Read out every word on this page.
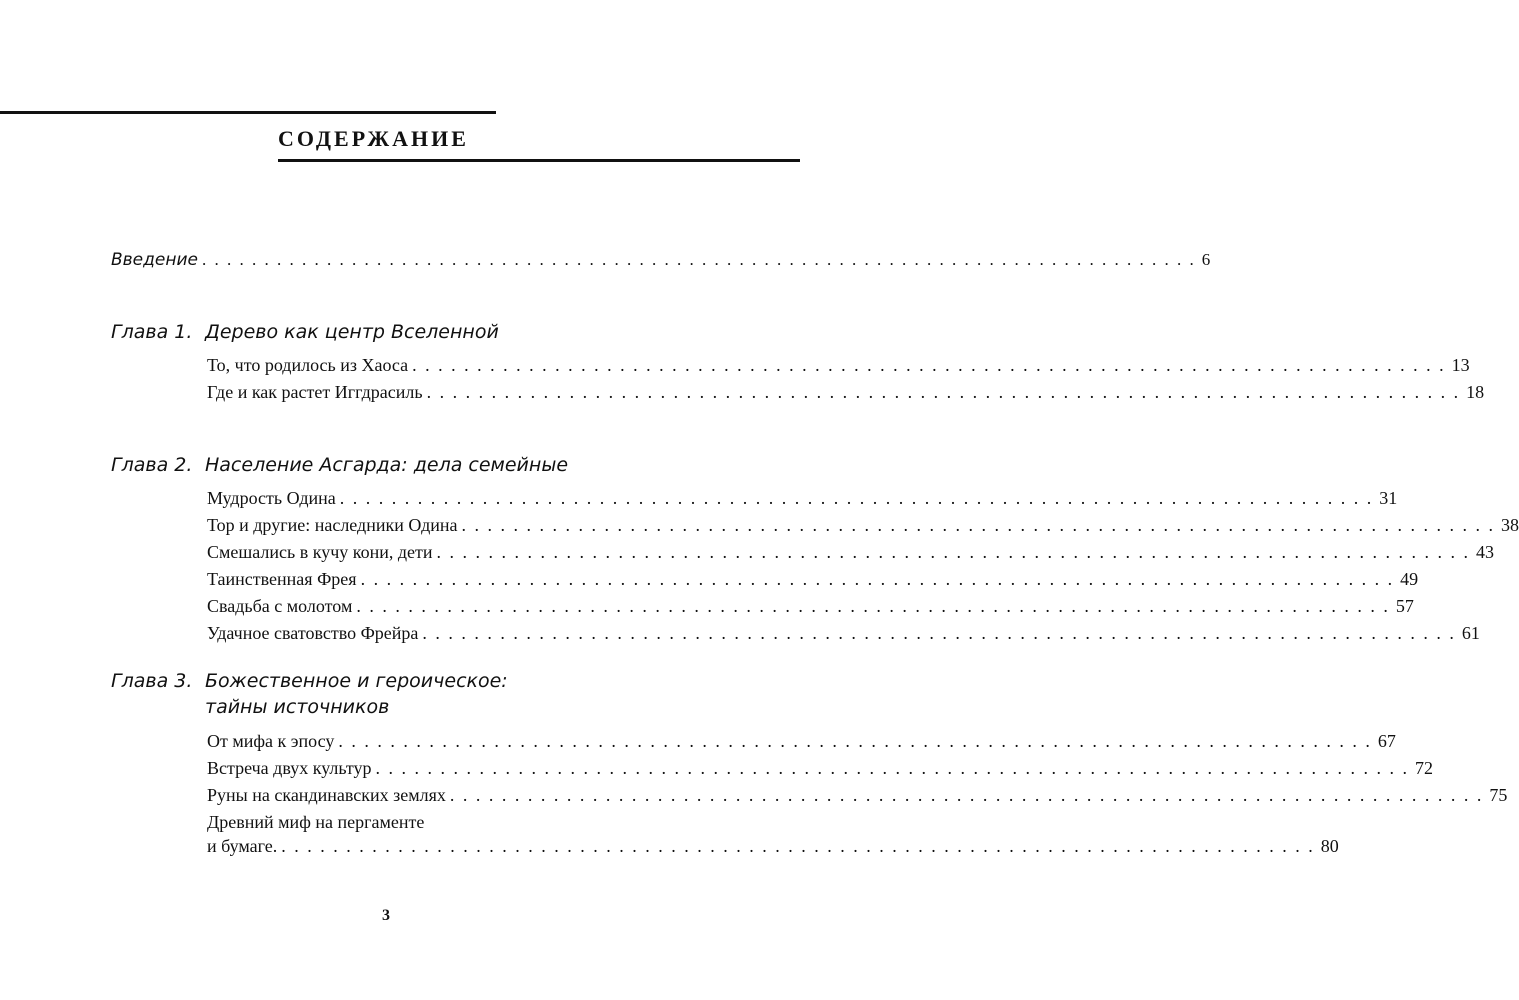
СОДЕРЖАНИЕ
Введение . . . . . . . . . . . . . . . . . . . . . . . . . . . . . . . . . . . . . . . . . . . . . . . . . . . . . . . . . . . . . . . . . . . . . . . . . . . . . . . . 6
Глава 1. Дерево как центр Вселенной
То, что родилось из Хаоса . . . . . . . . . . . . . . . . . . . . . . . . . . . . . . . . . . . . . . . . . . . . . . . . . . . . . . . . . . . . . . . . . . . . . . . . . . . . . . . . 13
Где и как растет Иггдрасиль . . . . . . . . . . . . . . . . . . . . . . . . . . . . . . . . . . . . . . . . . . . . . . . . . . . . . . . . . . . . . . . . . . . . . . . . . . . . . . . . 18
Глава 2. Население Асгарда: дела семейные
Мудрость Одина . . . . . . . . . . . . . . . . . . . . . . . . . . . . . . . . . . . . . . . . . . . . . . . . . . . . . . . . . . . . . . . . . . . . . . . . . . . . . . . . 31
Тор и другие: наследники Одина . . . . . . . . . . . . . . . . . . . . . . . . . . . . . . . . . . . . . . . . . . . . . . . . . . . . . . . . . . . . . . . . . . . . . . . . . . . . . . . . 38
Смешались в кучу кони, дети . . . . . . . . . . . . . . . . . . . . . . . . . . . . . . . . . . . . . . . . . . . . . . . . . . . . . . . . . . . . . . . . . . . . . . . . . . . . . . . . 43
Таинственная Фрея . . . . . . . . . . . . . . . . . . . . . . . . . . . . . . . . . . . . . . . . . . . . . . . . . . . . . . . . . . . . . . . . . . . . . . . . . . . . . . . . 49
Свадьба с молотом . . . . . . . . . . . . . . . . . . . . . . . . . . . . . . . . . . . . . . . . . . . . . . . . . . . . . . . . . . . . . . . . . . . . . . . . . . . . . . . . 57
Удачное сватовство Фрейра . . . . . . . . . . . . . . . . . . . . . . . . . . . . . . . . . . . . . . . . . . . . . . . . . . . . . . . . . . . . . . . . . . . . . . . . . . . . . . . . 61
Глава 3. Божественное и героическое:
тайны источников
От мифа к эпосу . . . . . . . . . . . . . . . . . . . . . . . . . . . . . . . . . . . . . . . . . . . . . . . . . . . . . . . . . . . . . . . . . . . . . . . . . . . . . . . . 67
Встреча двух культур . . . . . . . . . . . . . . . . . . . . . . . . . . . . . . . . . . . . . . . . . . . . . . . . . . . . . . . . . . . . . . . . . . . . . . . . . . . . . . . . 72
Руны на скандинавских землях . . . . . . . . . . . . . . . . . . . . . . . . . . . . . . . . . . . . . . . . . . . . . . . . . . . . . . . . . . . . . . . . . . . . . . . . . . . . . . . . 75
Древний миф на пергаменте
и бумаге. . . . . . . . . . . . . . . . . . . . . . . . . . . . . . . . . . . . . . . . . . . . . . . . . . . . . . . . . . . . . . . . . . . . . . . . . . . . . . . . . 80
3
